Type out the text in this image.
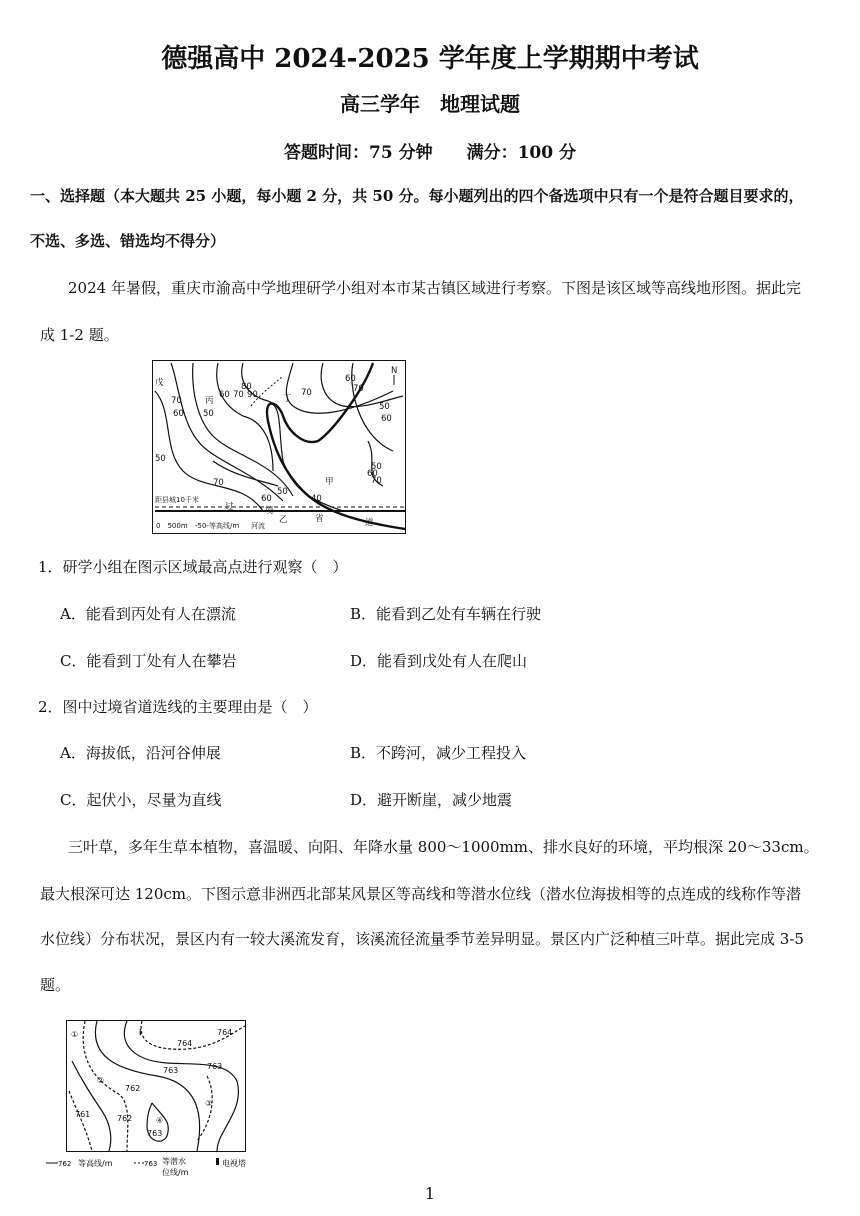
德强高中 2024-2025 学年度上学期期中考试
高三学年　地理试题
答题时间：75 分钟　　满分：100 分
一、选择题（本大题共 25 小题，每小题 2 分，共 50 分。每小题列出的四个备选项中只有一个是符合题目要求的，
不选、多选、错选均不得分）
2024 年暑假，重庆市渝高中学地理研学小组对本市某古镇区域进行考察。下图是该区域等高线地形图。据此完
成 1-2 题。
戊
丙	丁
甲
乙
N
距县城10千米
过	境
省	道
70
60 50
60 70
80
90
60
70
70
50
60
70
50
60
70
40
50
60
50
0　500m -50-等高线/m 河流
1．研学小组在图示区域最高点进行观察（　）
A．能看到丙处有人在漂流	B．能看到乙处有车辆在行驶
C．能看到丁处有人在攀岩	D．能看到戊处有人在爬山
2．图中过境省道选线的主要理由是（　）
A．海拔低，沿河谷伸展	B．不跨河，减少工程投入
C．起伏小，尽量为直线	D．避开断崖，减少地震
三叶草，多年生草本植物，喜温暖、向阳、年降水量 800～1000mm、排水良好的环境，平均根深 20～33cm。
最大根深可达 120cm。下图示意非洲西北部某风景区等高线和等潜水位线（潜水位海拔相等的点连成的线称作等潜
水位线）分布状况，景区内有一较大溪流发育，该溪流径流量季节差异明显。景区内广泛种植三叶草。据此完成 3-5
题。
①
②
③
④
i	764
764
763
762
762
761
763
763
762 等高线/m	763 等潜水
位线/m
电视塔
1
